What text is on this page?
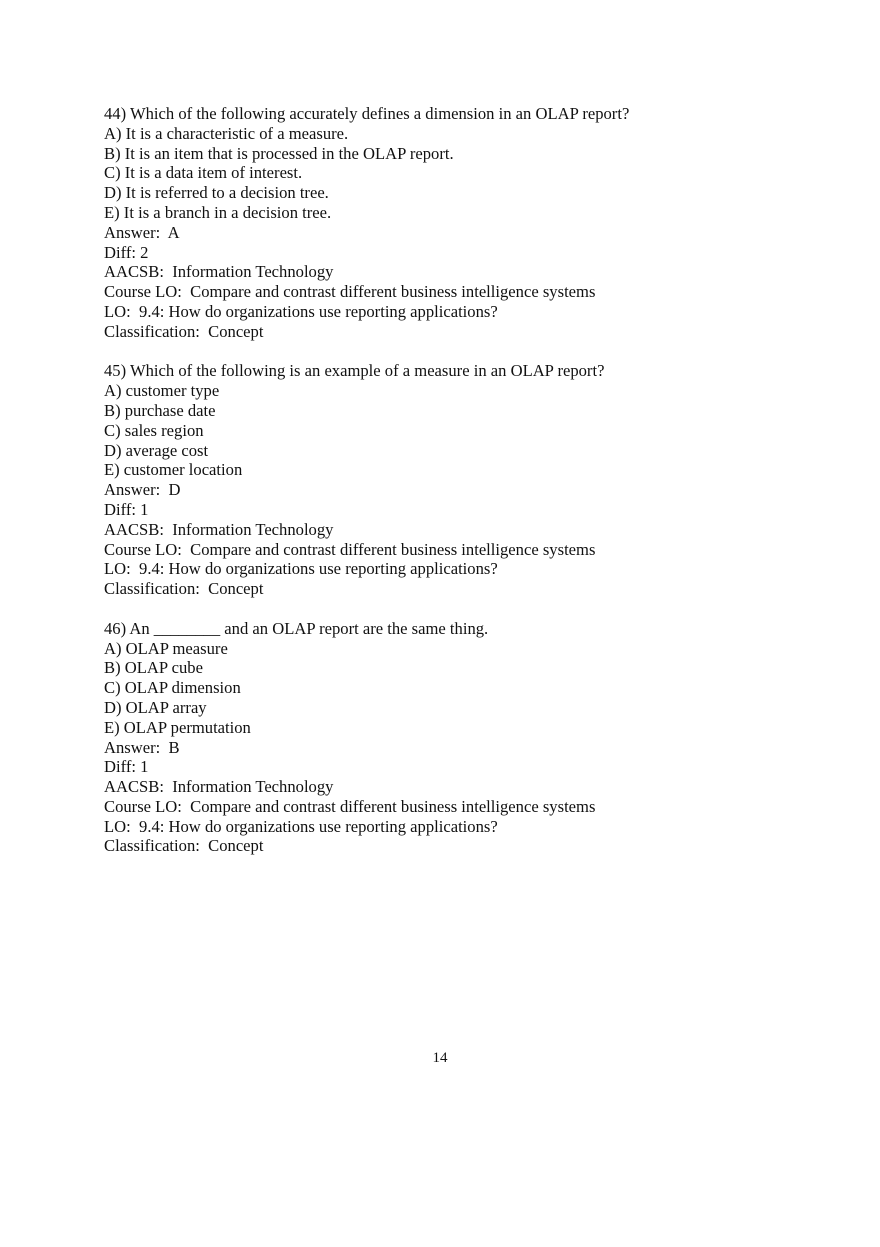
44) Which of the following accurately defines a dimension in an OLAP report?
A) It is a characteristic of a measure.
B) It is an item that is processed in the OLAP report.
C) It is a data item of interest.
D) It is referred to a decision tree.
E) It is a branch in a decision tree.
Answer:  A
Diff: 2
AACSB:  Information Technology
Course LO:  Compare and contrast different business intelligence systems
LO:  9.4: How do organizations use reporting applications?
Classification:  Concept
45) Which of the following is an example of a measure in an OLAP report?
A) customer type
B) purchase date
C) sales region
D) average cost
E) customer location
Answer:  D
Diff: 1
AACSB:  Information Technology
Course LO:  Compare and contrast different business intelligence systems
LO:  9.4: How do organizations use reporting applications?
Classification:  Concept
46) An ________ and an OLAP report are the same thing.
A) OLAP measure
B) OLAP cube
C) OLAP dimension
D) OLAP array
E) OLAP permutation
Answer:  B
Diff: 1
AACSB:  Information Technology
Course LO:  Compare and contrast different business intelligence systems
LO:  9.4: How do organizations use reporting applications?
Classification:  Concept
14
